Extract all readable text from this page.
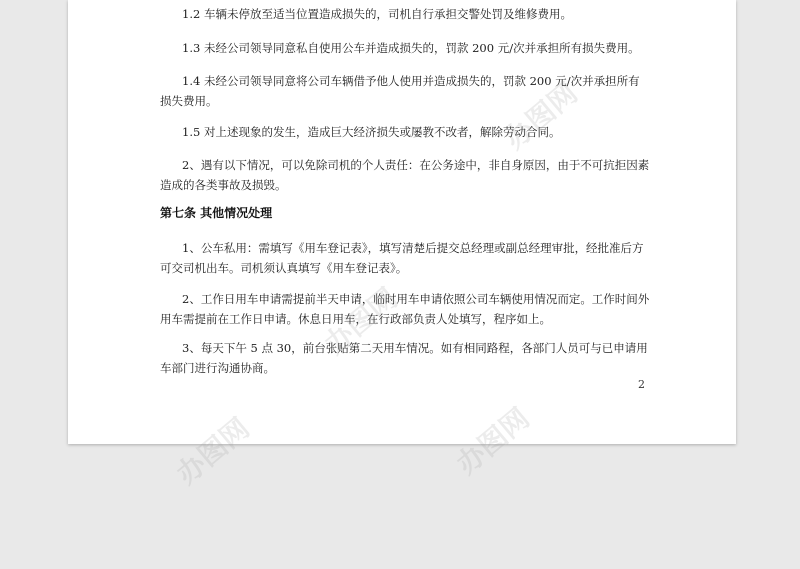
1.2 车辆未停放至适当位置造成损失的，司机自行承担交警处罚及维修费用。

1.3 未经公司领导同意私自使用公车并造成损失的，罚款 200 元/次并承担所有损失费用。

1.4 未经公司领导同意将公司车辆借予他人使用并造成损失的，罚款 200 元/次并承担所有损失费用。

1.5 对上述现象的发生，造成巨大经济损失或屡教不改者，解除劳动合同。

2、遇有以下情况，可以免除司机的个人责任：在公务途中，非自身原因，由于不可抗拒因素造成的各类事故及损毁。

第七条 其他情况处理

1、公车私用：需填写《用车登记表》，填写清楚后提交总经理或副总经理审批，经批准后方可交司机出车。司机须认真填写《用车登记表》。

2、工作日用车申请需提前半天申请，临时用车申请依照公司车辆使用情况而定。工作时间外用车需提前在工作日申请。休息日用车，在行政部负责人处填写，程序如上。

3、每天下午 5 点 30，前台张贴第二天用车情况。如有相同路程，各部门人员可与已申请用车部门进行沟通协商。

2
办图网
办图网
办图网
